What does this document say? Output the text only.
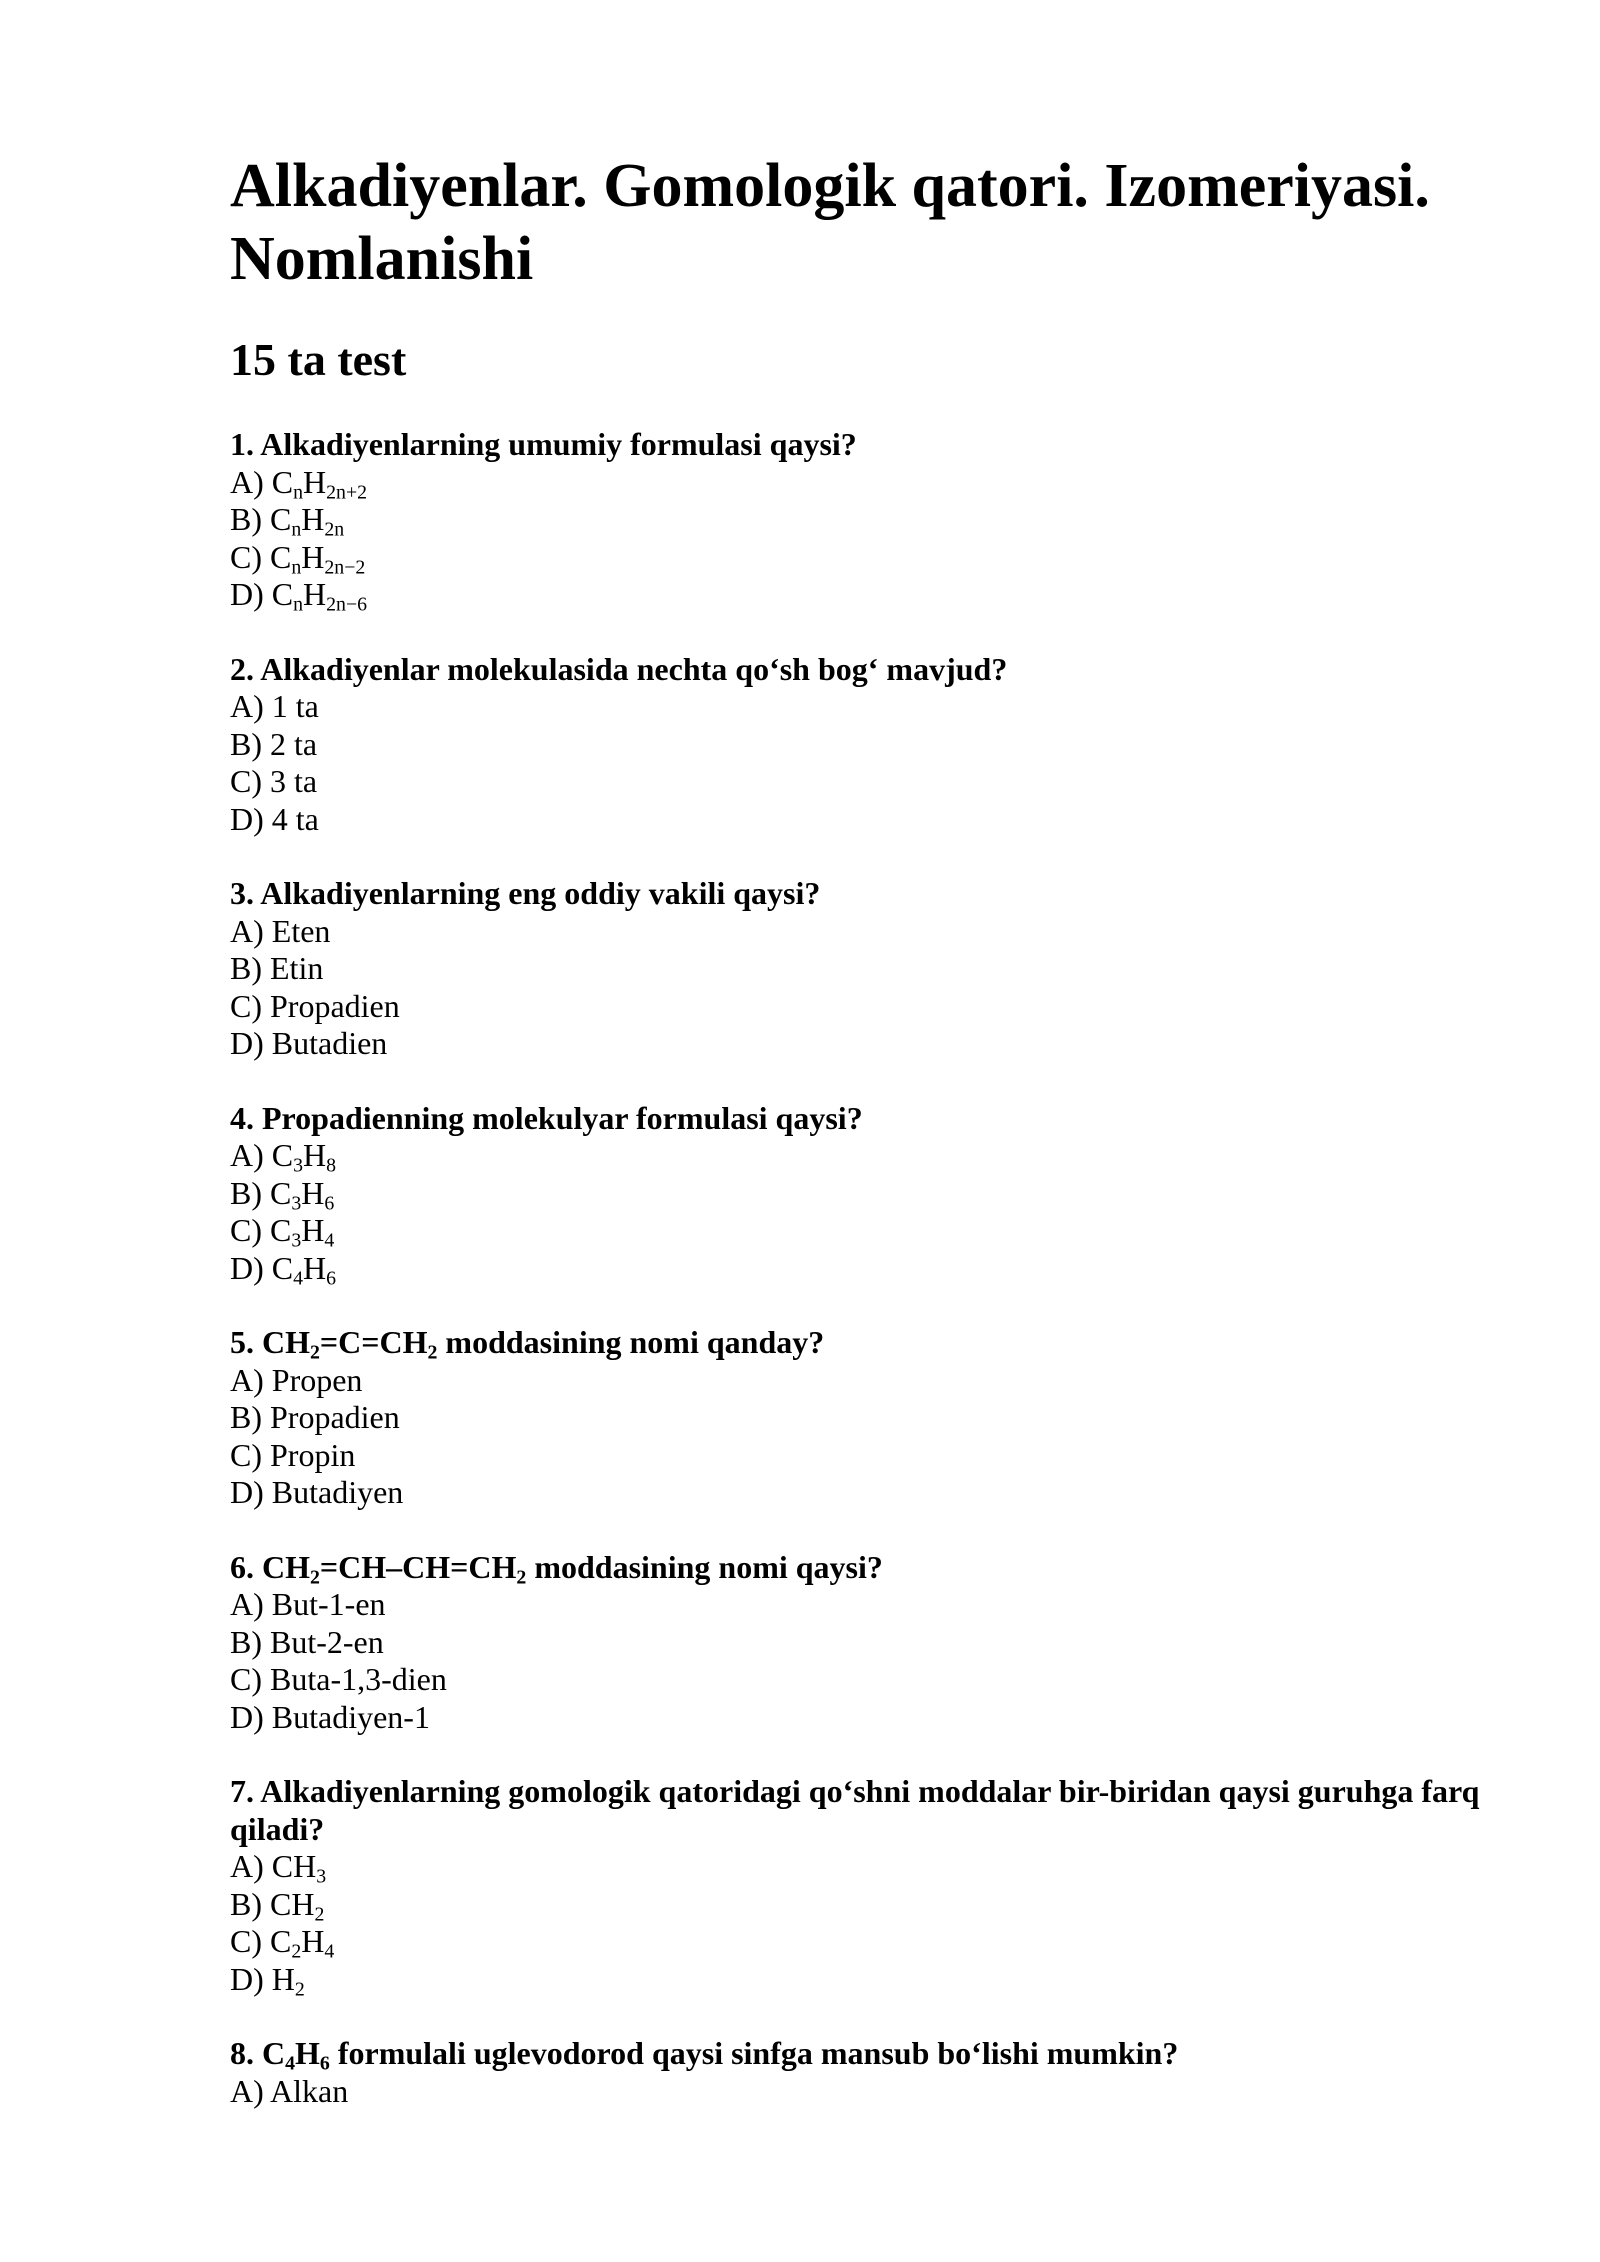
Alkadiyenlar. Gomologik qatori. Izomeriyasi. Nomlanishi
15 ta test
1. Alkadiyenlarning umumiy formulasi qaysi?
A) $C_nH_{2n+2}$
B) $C_nH_{2n}$
C) $C_nH_{2n-2}$
D) $C_nH_{2n-6}$
2. Alkadiyenlar molekulasida nechta qo‘sh bog‘ mavjud?
A) 1 ta
B) 2 ta
C) 3 ta
D) 4 ta
3. Alkadiyenlarning eng oddiy vakili qaysi?
A) Eten
B) Etin
C) Propadien
D) Butadien
4. Propadienning molekulyar formulasi qaysi?
A) $C_3H_8$
B) $C_3H_6$
C) $C_3H_4$
D) $C_4H_6$
5. $CH_2=C=CH_2$ moddasining nomi qanday?
A) Propen
B) Propadien
C) Propin
D) Butadiyen
6. $CH_2=CH-CH=CH_2$ moddasining nomi qaysi?
A) But-1-en
B) But-2-en
C) Buta-1,3-dien
D) Butadiyen-1
7. Alkadiyenlarning gomologik qatoridagi qo‘shni moddalar bir-biridan qaysi guruhga farq qiladi?
A) $CH_3$
B) $CH_2$
C) $C_2H_4$
D) $H_2$
8. $C_4H_6$ formulali uglevodorod qaysi sinfga mansub bo‘lishi mumkin?
A) Alkan
